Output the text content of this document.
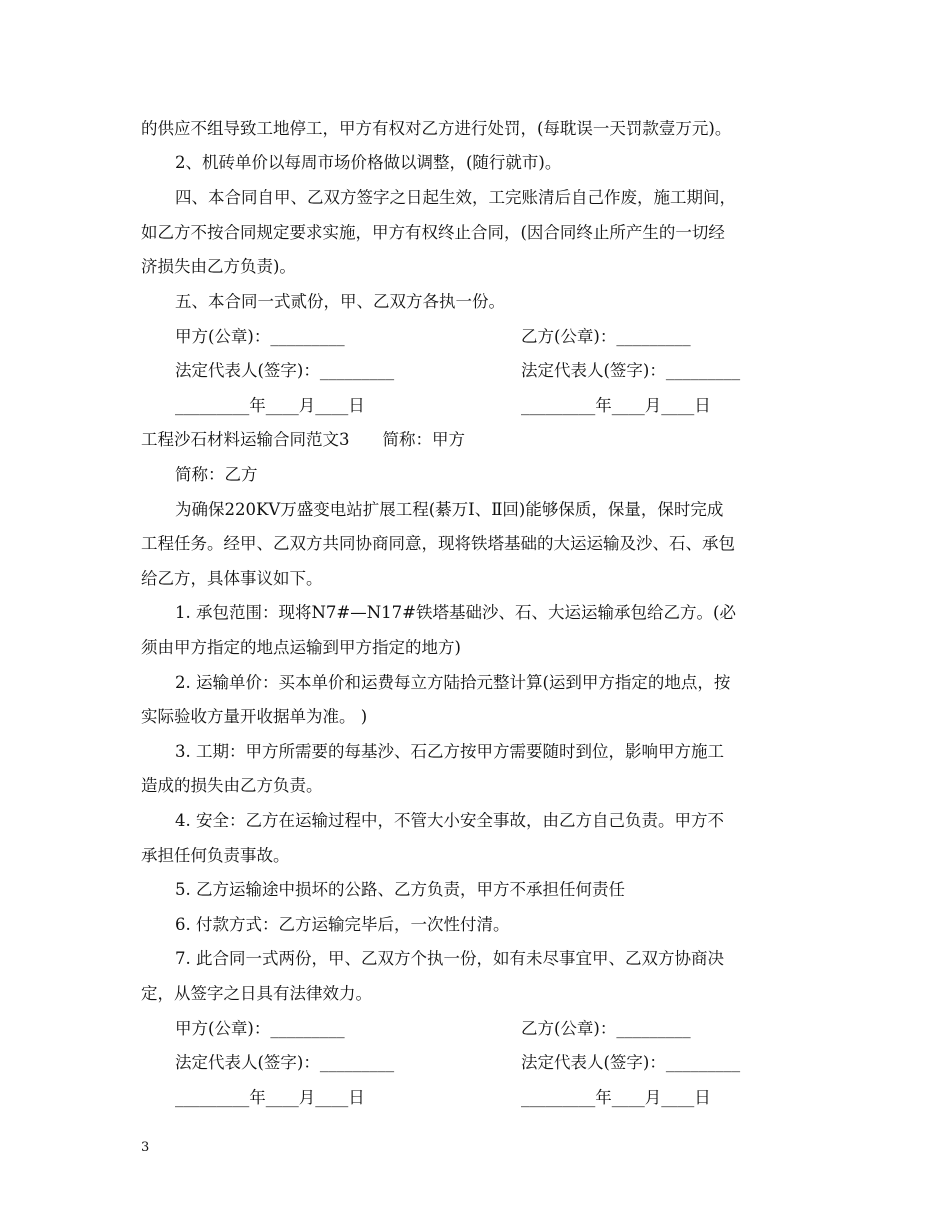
的供应不组导致工地停工，甲方有权对乙方进行处罚，(每耽误一天罚款壹万元)。
2、机砖单价以每周市场价格做以调整，(随行就市)。
四、本合同自甲、乙双方签字之日起生效，工完账清后自己作废，施工期间，
如乙方不按合同规定要求实施，甲方有权终止合同，(因合同终止所产生的一切经
济损失由乙方负责)。
五、本合同一式贰份，甲、乙双方各执一份。
甲方(公章)：_________	乙方(公章)：_________
法定代表人(签字)：_________	法定代表人(签字)：_________
_________年____月____日	_________年____月____日
工程沙石材料运输合同范文3　　简称：甲方
简称：乙方
为确保220KV万盛变电站扩展工程(綦万Ⅰ、Ⅱ回)能够保质，保量，保时完成
工程任务。经甲、乙双方共同协商同意，现将铁塔基础的大运运输及沙、石、承包
给乙方，具体事议如下。
1. 承包范围：现将N7#—N17#铁塔基础沙、石、大运运输承包给乙方。(必
须由甲方指定的地点运输到甲方指定的地方)
2. 运输单价：买本单价和运费每立方陆拾元整计算(运到甲方指定的地点，按
实际验收方量开收据单为准。 )
3. 工期：甲方所需要的每基沙、石乙方按甲方需要随时到位，影响甲方施工
造成的损失由乙方负责。
4. 安全：乙方在运输过程中，不管大小安全事故，由乙方自己负责。甲方不
承担任何负责事故。
5. 乙方运输途中损坏的公路、乙方负责，甲方不承担任何责任
6. 付款方式：乙方运输完毕后，一次性付清。
7. 此合同一式两份，甲、乙双方个执一份，如有未尽事宜甲、乙双方协商决
定，从签字之日具有法律效力。
甲方(公章)：_________	乙方(公章)：_________
法定代表人(签字)：_________	法定代表人(签字)：_________
_________年____月____日	_________年____月____日
3
